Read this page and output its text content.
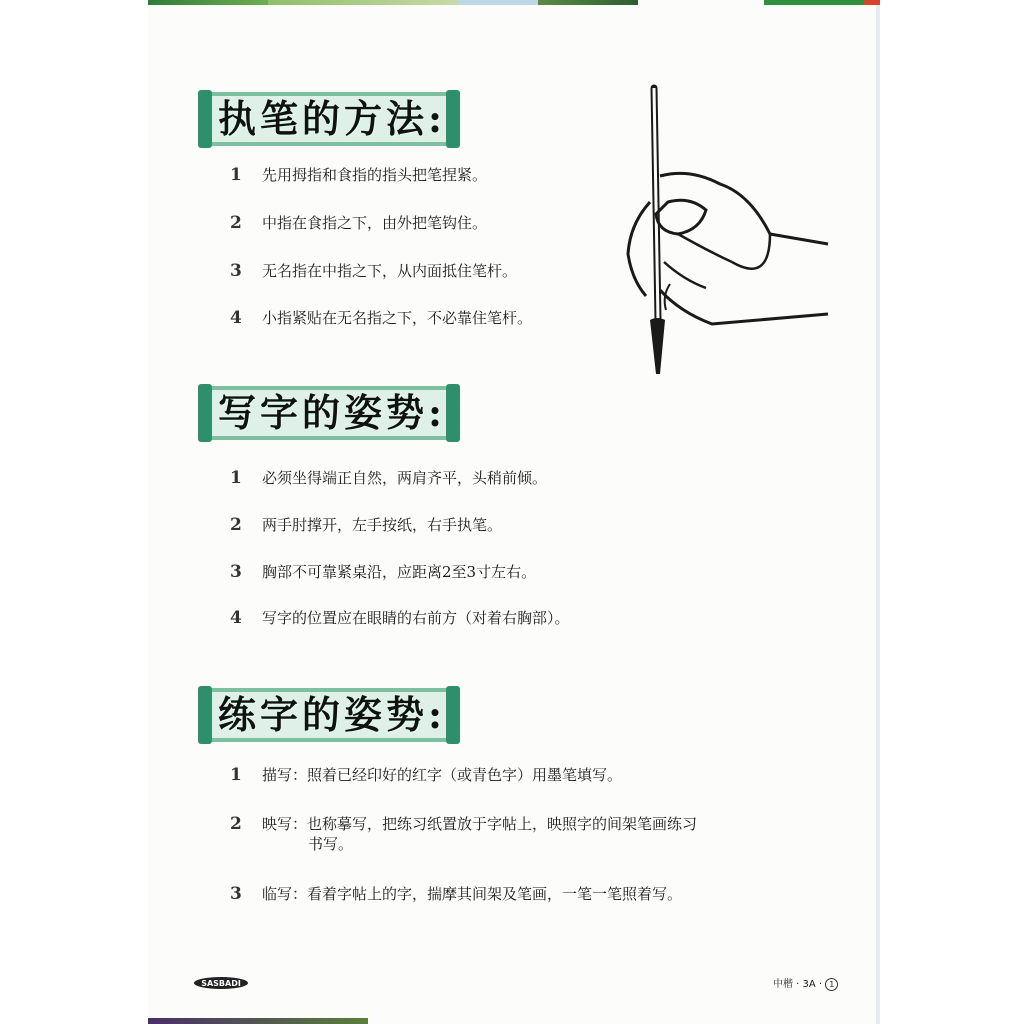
执笔的方法:
1	先用拇指和食指的指头把笔捏紧。
2	中指在食指之下，由外把笔钩住。
3	无名指在中指之下，从内面抵住笔杆。
4	小指紧贴在无名指之下，不必靠住笔杆。
写字的姿势:
1	必须坐得端正自然，两肩齐平，头稍前倾。
2	两手肘撑开，左手按纸，右手执笔。
3	胸部不可靠紧桌沿，应距离2至3寸左右。
4	写字的位置应在眼睛的右前方（对着右胸部）。
练字的姿势:
1	描写：照着已经印好的红字（或青色字）用墨笔填写。
2	映写：也称摹写，把练习纸置放于字帖上，映照字的间架笔画练习
书写。
3	临写：看着字帖上的字，揣摩其间架及笔画，一笔一笔照着写。
SASBADI	中楷 · 3A · 1
